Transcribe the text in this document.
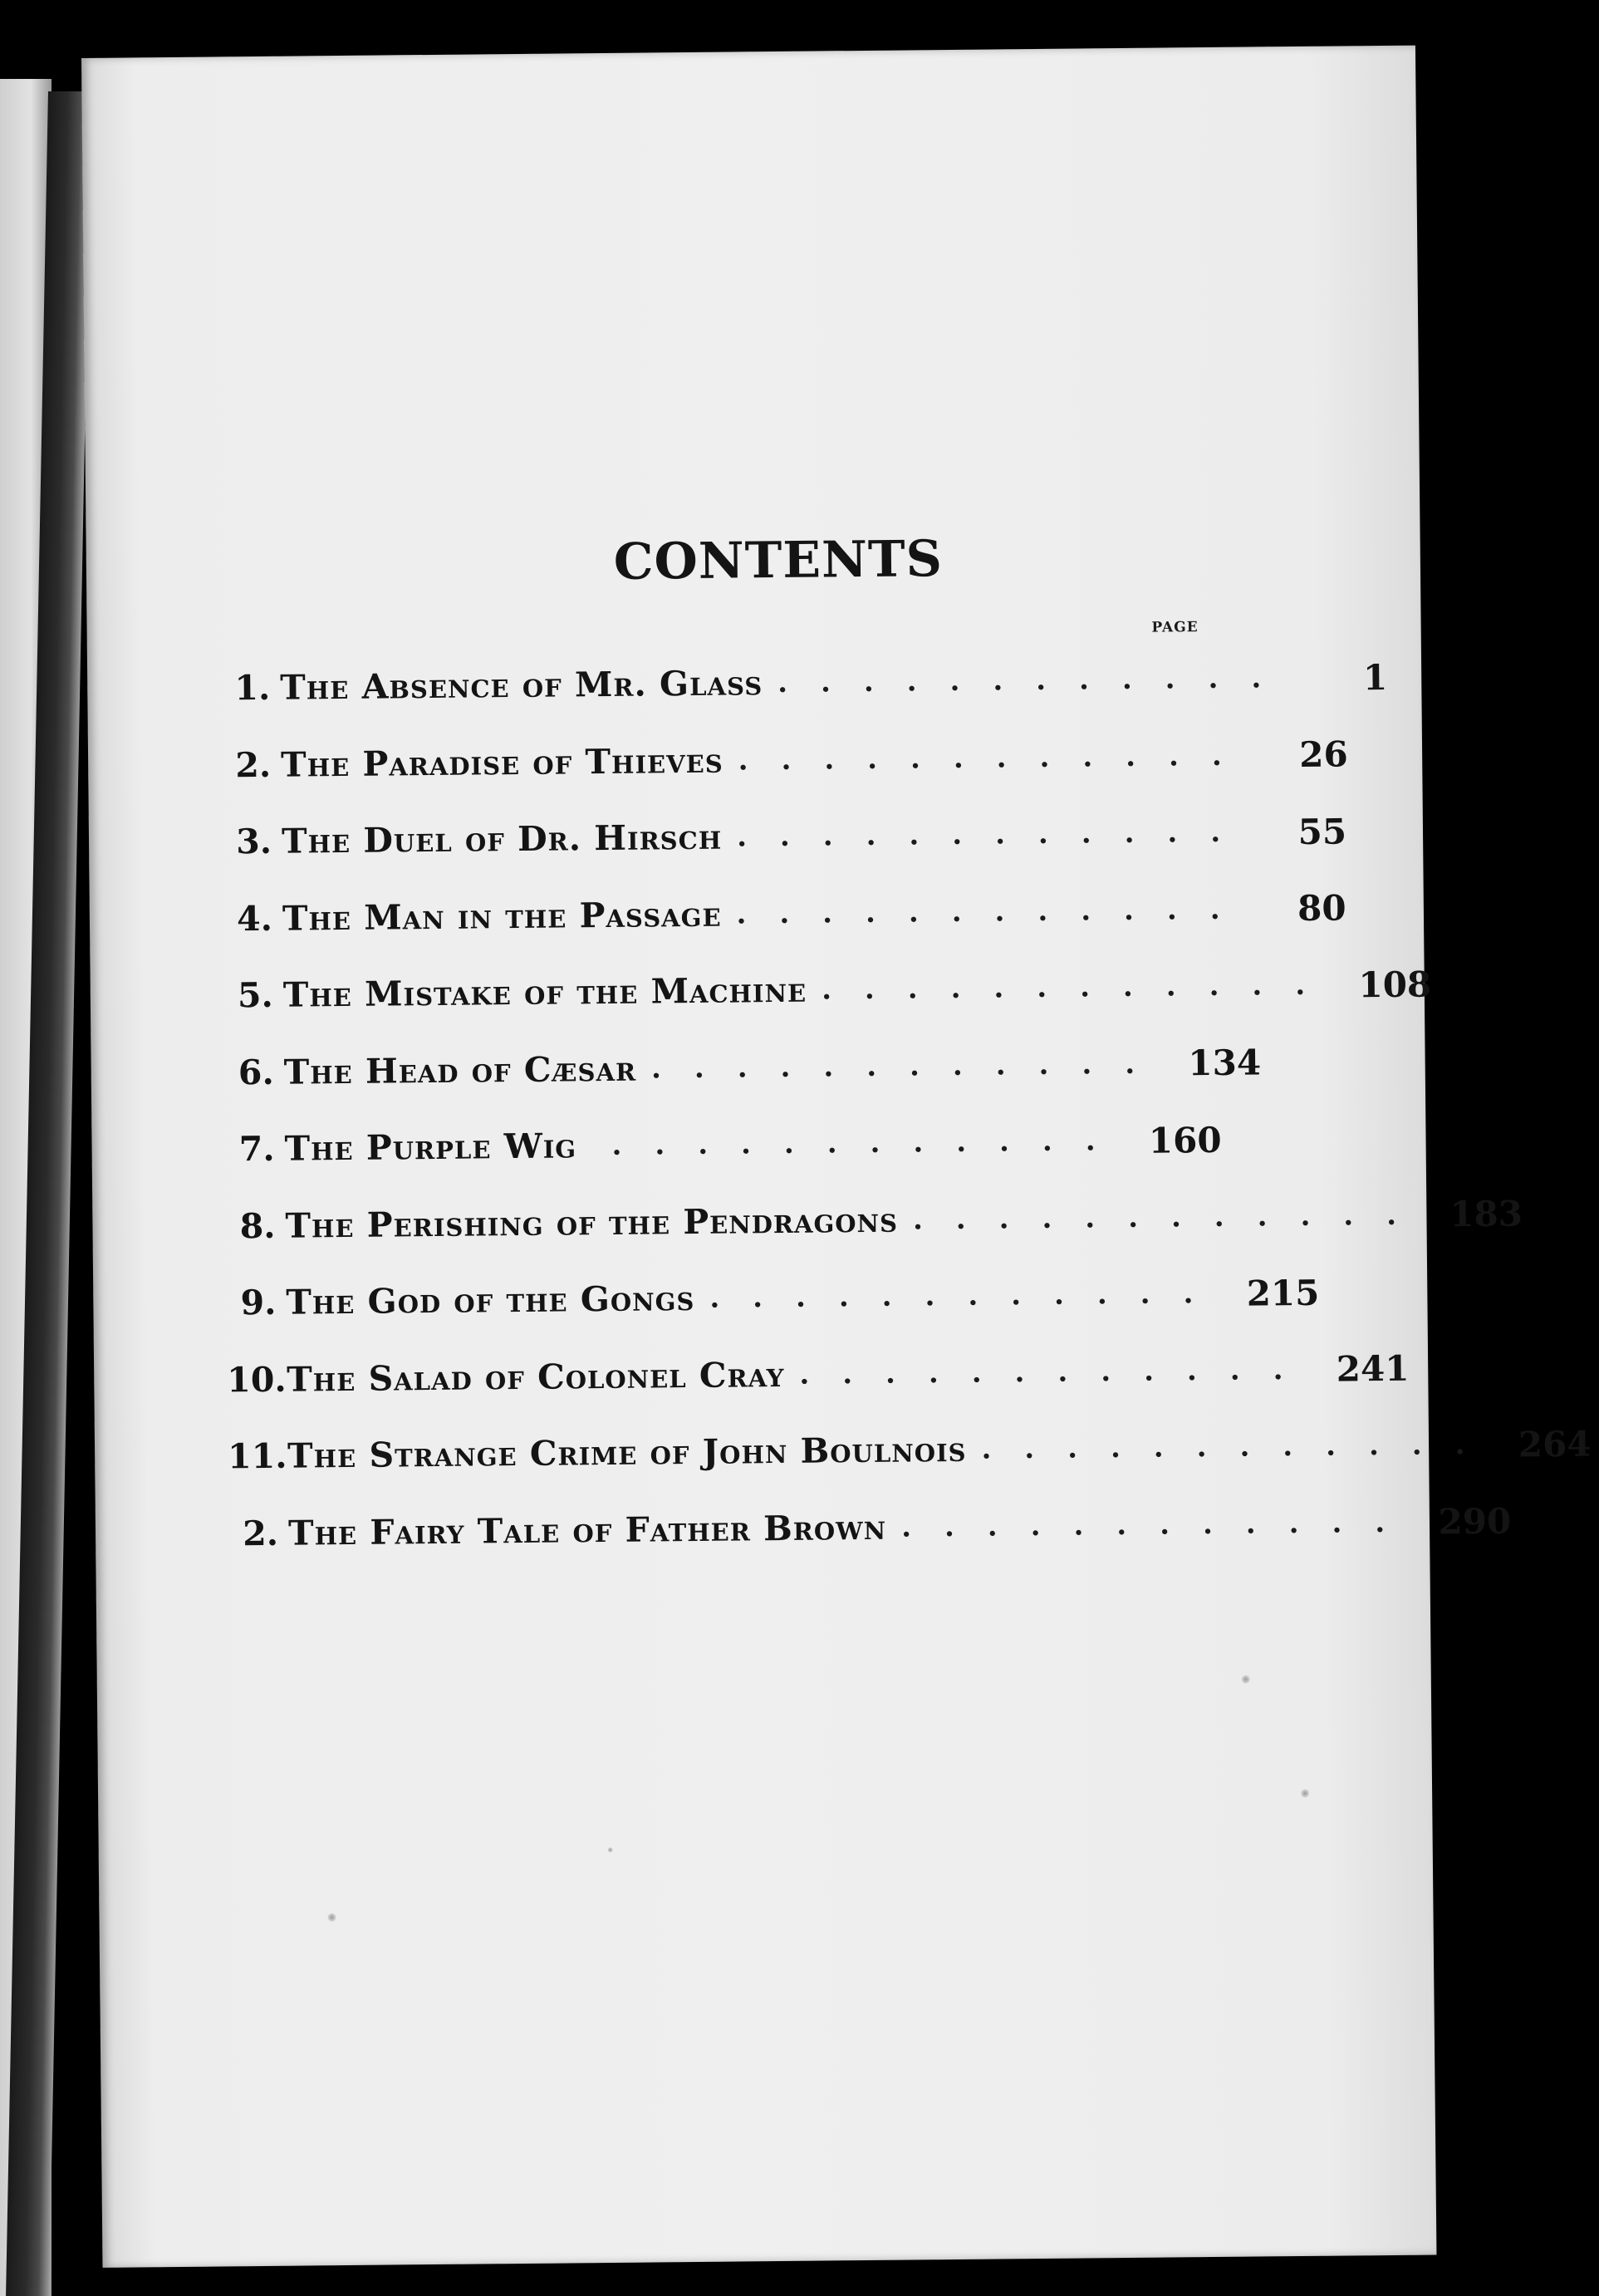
CONTENTS
PAGE
1. The Absence of Mr. Glass ............	1
2. The Paradise of Thieves ............	26
3. The Duel of Dr. Hirsch ............	55
4. The Man in the Passage ............	80
5. The Mistake of the Machine ............ 108
6. The Head of Cæsar ............ 134
7. The Purple Wig	............ 160
8. The Perishing of the Pendragons ............ 183
9. The God of the Gongs ............ 215
10. The Salad of Colonel Cray ............ 241
11. The Strange Crime of John Boulnois ............ 264
2. The Fairy Tale of Father Brown ............ 290
